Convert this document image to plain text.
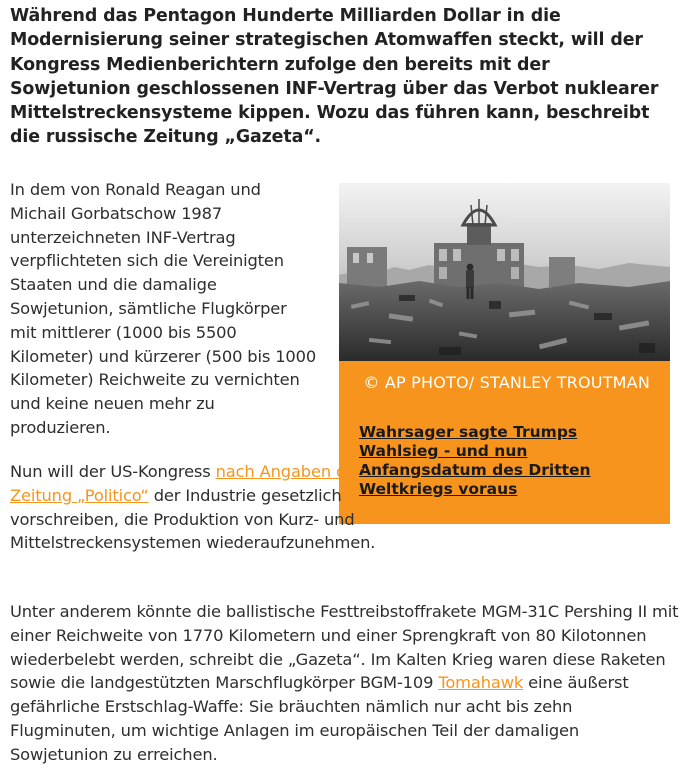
Während das Pentagon Hunderte Milliarden Dollar in die Modernisierung seiner strategischen Atomwaffen steckt, will der Kongress Medienberichtern zufolge den bereits mit der Sowjetunion geschlossenen INF-Vertrag über das Verbot nuklearer Mittelstreckensysteme kippen. Wozu das führen kann, beschreibt die russische Zeitung „Gazeta“.

In dem von Ronald Reagan und Michail Gorbatschow 1987 unterzeichneten INF-Vertrag verpflichteten sich die Vereinigten Staaten und die damalige Sowjetunion, sämtliche Flugkörper mit mittlerer (1000 bis 5500 Kilometer) und kürzerer (500 bis 1000 Kilometer) Reichweite zu vernichten und keine neuen mehr zu produzieren.

© AP PHOTO/ STANLEY TROUTMAN
Wahrsager sagte Trumps Wahlsieg - und nun Anfangsdatum des Dritten Weltkriegs voraus

Nun will der US-Kongress nach Angaben der Zeitung „Politico“ der Industrie gesetzlich vorschreiben, die Produktion von Kurz- und Mittelstreckensystemen wiederaufzunehmen.

Unter anderem könnte die ballistische Festtreibstoffrakete MGM-31C Pershing II mit einer Reichweite von 1770 Kilometern und einer Sprengkraft von 80 Kilotonnen wiederbelebt werden, schreibt die „Gazeta“. Im Kalten Krieg waren diese Raketen sowie die landgestützten Marschflugkörper BGM-109 Tomahawk eine äußerst gefährliche Erstschlag-Waffe: Sie bräuchten nämlich nur acht bis zehn Flugminuten, um wichtige Anlagen im europäischen Teil der damaligen Sowjetunion zu erreichen.
